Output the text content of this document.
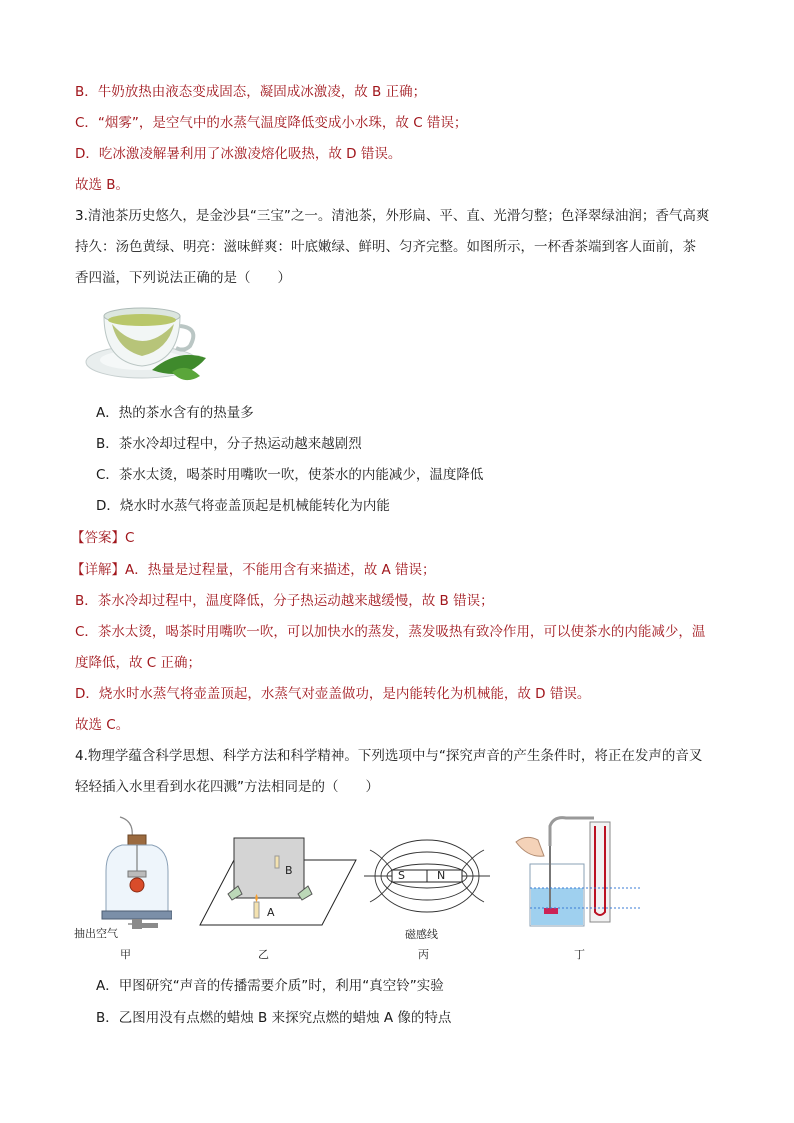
B．牛奶放热由液态变成固态，凝固成冰激凌，故 B 正确；
C．“烟雾”，是空气中的水蒸气温度降低变成小水珠，故 C 错误；
D．吃冰激凌解暑利用了冰激凌熔化吸热，故 D 错误。
故选 B。
3.清池茶历史悠久，是金沙县“三宝”之一。清池茶，外形扁、平、直、光滑匀整；色泽翠绿油润；香气高爽
持久：汤色黄绿、明亮：滋味鲜爽：叶底嫩绿、鲜明、匀齐完整。如图所示，一杯香茶端到客人面前，茶
香四溢，下列说法正确的是（　　）
A．热的茶水含有的热量多
B．茶水冷却过程中，分子热运动越来越剧烈
C．茶水太烫，喝茶时用嘴吹一吹，使茶水的内能减少，温度降低
D．烧水时水蒸气将壶盖顶起是机械能转化为内能
【答案】C
【详解】A．热量是过程量，不能用含有来描述，故 A 错误；
B．茶水冷却过程中，温度降低，分子热运动越来越缓慢，故 B 错误；
C．茶水太烫，喝茶时用嘴吹一吹，可以加快水的蒸发，蒸发吸热有致冷作用，可以使茶水的内能减少，温
度降低，故 C 正确；
D．烧水时水蒸气将壶盖顶起，水蒸气对壶盖做功，是内能转化为机械能，故 D 错误。
故选 C。
4.物理学蕴含科学思想、科学方法和科学精神。下列选项中与“探究声音的产生条件时，将正在发声的音叉
轻轻插入水里看到水花四溅”方法相同是的（　　）
抽出空气
甲
B
A
乙
S	N
磁感线
丙	丁
A．甲图研究“声音的传播需要介质”时，利用“真空铃”实验
B．乙图用没有点燃的蜡烛 B 来探究点燃的蜡烛 A 像的特点
